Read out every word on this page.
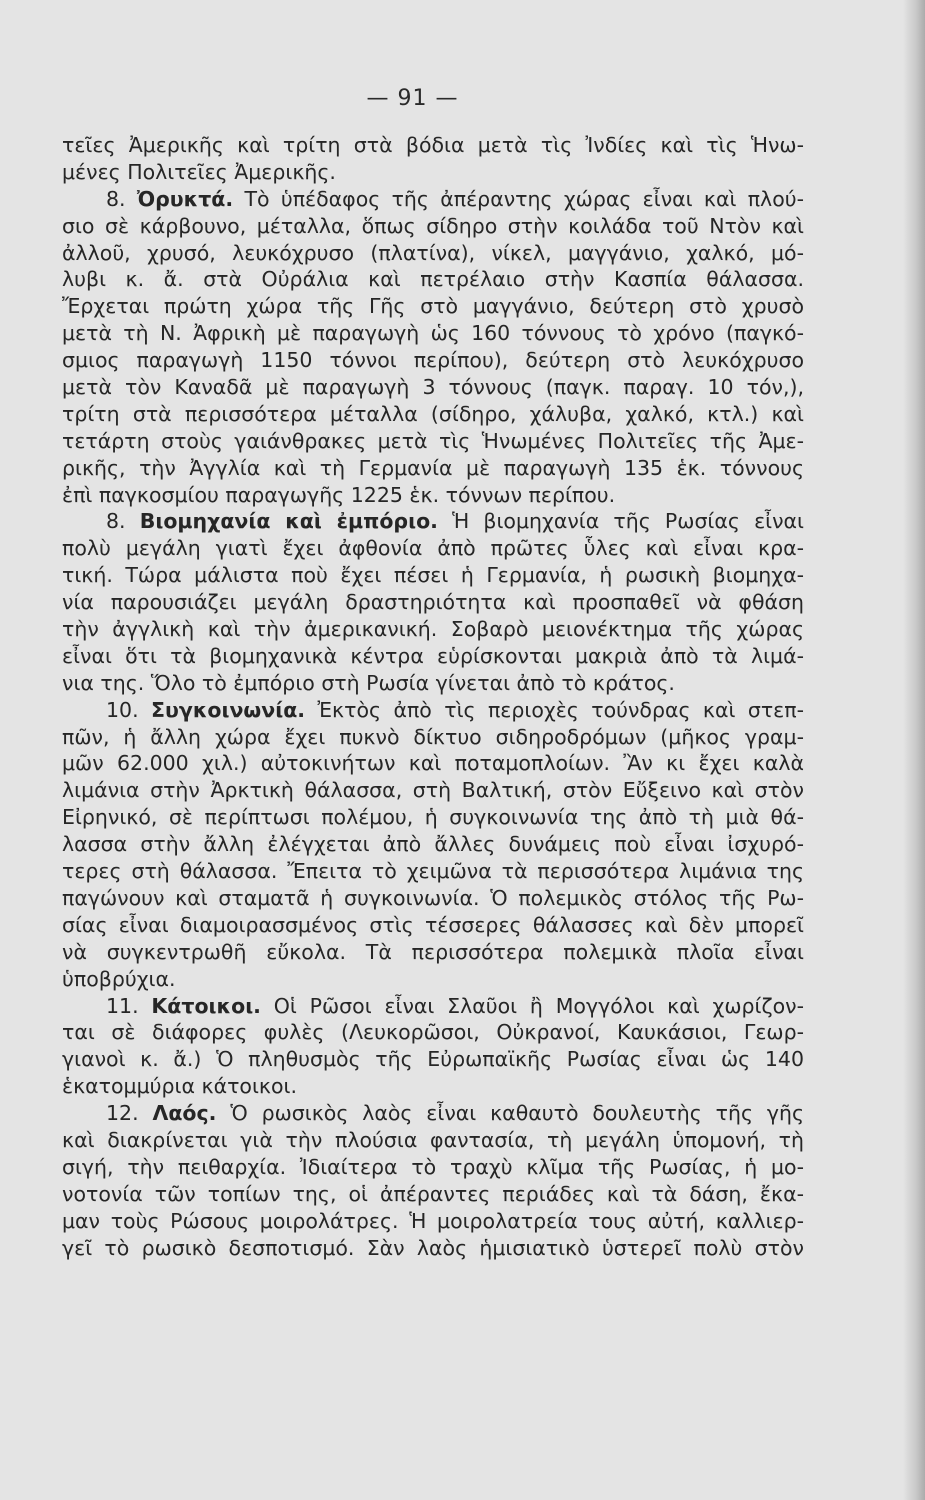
— 91 —
τεῖες Ἀμερικῆς καὶ τρίτη στὰ βόδια μετὰ τὶς Ἰνδίες καὶ τὶς Ἡνω-
μένες Πολιτεῖες Ἀμερικῆς.
8. Ὀρυκτά. Τὸ ὑπέδαφος τῆς ἀπέραντης χώρας εἶναι καὶ πλού-
σιο σὲ κάρβουνο, μέταλλα, ὅπως σίδηρο στὴν κοιλάδα τοῦ Ντὸν καὶ
ἀλλοῦ, χρυσό, λευκόχρυσο (πλατίνα), νίκελ, μαγγάνιο, χαλκό, μό-
λυβι κ. ἄ. στὰ Οὐράλια καὶ πετρέλαιο στὴν Κασπία θάλασσα.
Ἔρχεται πρώτη χώρα τῆς Γῆς στὸ μαγγάνιο, δεύτερη στὸ χρυσὸ
μετὰ τὴ Ν. Ἀφρικὴ μὲ παραγωγὴ ὡς 160 τόννους τὸ χρόνο (παγκό-
σμιος παραγωγὴ 1150 τόννοι περίπου), δεύτερη στὸ λευκόχρυσο
μετὰ τὸν Καναδᾶ μὲ παραγωγὴ 3 τόννους (παγκ. παραγ. 10 τόν,),
τρίτη στὰ περισσότερα μέταλλα (σίδηρο, χάλυβα, χαλκό, κτλ.) καὶ
τετάρτη στοὺς γαιάνθρακες μετὰ τὶς Ἡνωμένες Πολιτεῖες τῆς Ἀμε-
ρικῆς, τὴν Ἀγγλία καὶ τὴ Γερμανία μὲ παραγωγὴ 135 ἑκ. τόννους
ἐπὶ παγκοσμίου παραγωγῆς 1225 ἑκ. τόννων περίπου.
8. Βιομηχανία καὶ ἐμπόριο. Ἡ βιομηχανία τῆς Ρωσίας εἶναι
πολὺ μεγάλη γιατὶ ἔχει ἀφθονία ἀπὸ πρῶτες ὗλες καὶ εἶναι κρα-
τική. Τώρα μάλιστα ποὺ ἔχει πέσει ἡ Γερμανία, ἡ ρωσικὴ βιομηχα-
νία παρουσιάζει μεγάλη δραστηριότητα καὶ προσπαθεῖ νὰ φθάση
τὴν ἀγγλικὴ καὶ τὴν ἀμερικανική. Σοβαρὸ μειονέκτημα τῆς χώρας
εἶναι ὅτι τὰ βιομηχανικὰ κέντρα εὑρίσκονται μακριὰ ἀπὸ τὰ λιμά-
νια της. Ὅλο τὸ ἐμπόριο στὴ Ρωσία γίνεται ἀπὸ τὸ κράτος.
10. Συγκοινωνία. Ἐκτὸς ἀπὸ τὶς περιοχὲς τούνδρας καὶ στεπ-
πῶν, ἡ ἄλλη χώρα ἔχει πυκνὸ δίκτυο σιδηροδρόμων (μῆκος γραμ-
μῶν 62.000 χιλ.) αὐτοκινήτων καὶ ποταμοπλοίων. Ἂν κι ἔχει καλὰ
λιμάνια στὴν Ἀρκτικὴ θάλασσα, στὴ Βαλτική, στὸν Εὔξεινο καὶ στὸν
Εἰρηνικό, σὲ περίπτωσι πολέμου, ἡ συγκοινωνία της ἀπὸ τὴ μιὰ θά-
λασσα στὴν ἄλλη ἐλέγχεται ἀπὸ ἄλλες δυνάμεις ποὺ εἶναι ἰσχυρό-
τερες στὴ θάλασσα. Ἔπειτα τὸ χειμῶνα τὰ περισσότερα λιμάνια της
παγώνουν καὶ σταματᾶ ἡ συγκοινωνία. Ὁ πολεμικὸς στόλος τῆς Ρω-
σίας εἶναι διαμοιρασσμένος στὶς τέσσερες θάλασσες καὶ δὲν μπορεῖ
νὰ συγκεντρωθῆ εὔκολα. Τὰ περισσότερα πολεμικὰ πλοῖα εἶναι
ὑποβρύχια.
11. Κάτοικοι. Οἱ Ρῶσοι εἶναι Σλαῦοι ἢ Μογγόλοι καὶ χωρίζον-
ται σὲ διάφορες φυλὲς (Λευκορῶσοι, Οὐκρανοί, Καυκάσιοι, Γεωρ-
γιανοὶ κ. ἄ.) Ὁ πληθυσμὸς τῆς Εὐρωπαϊκῆς Ρωσίας εἶναι ὡς 140
ἑκατομμύρια κάτοικοι.
12. Λαός. Ὁ ρωσικὸς λαὸς εἶναι καθαυτὸ δουλευτὴς τῆς γῆς
καὶ διακρίνεται γιὰ τὴν πλούσια φαντασία, τὴ μεγάλη ὑπομονή, τὴ
σιγή, τὴν πειθαρχία. Ἰδιαίτερα τὸ τραχὺ κλῖμα τῆς Ρωσίας, ἡ μο-
νοτονία τῶν τοπίων της, οἱ ἀπέραντες περιάδες καὶ τὰ δάση, ἔκα-
μαν τοὺς Ρώσους μοιρολάτρες. Ἡ μοιρολατρεία τους αὐτή, καλλιερ-
γεῖ τὸ ρωσικὸ δεσποτισμό. Σὰν λαὸς ἡμισιατικὸ ὑστερεῖ πολὺ στὸν
